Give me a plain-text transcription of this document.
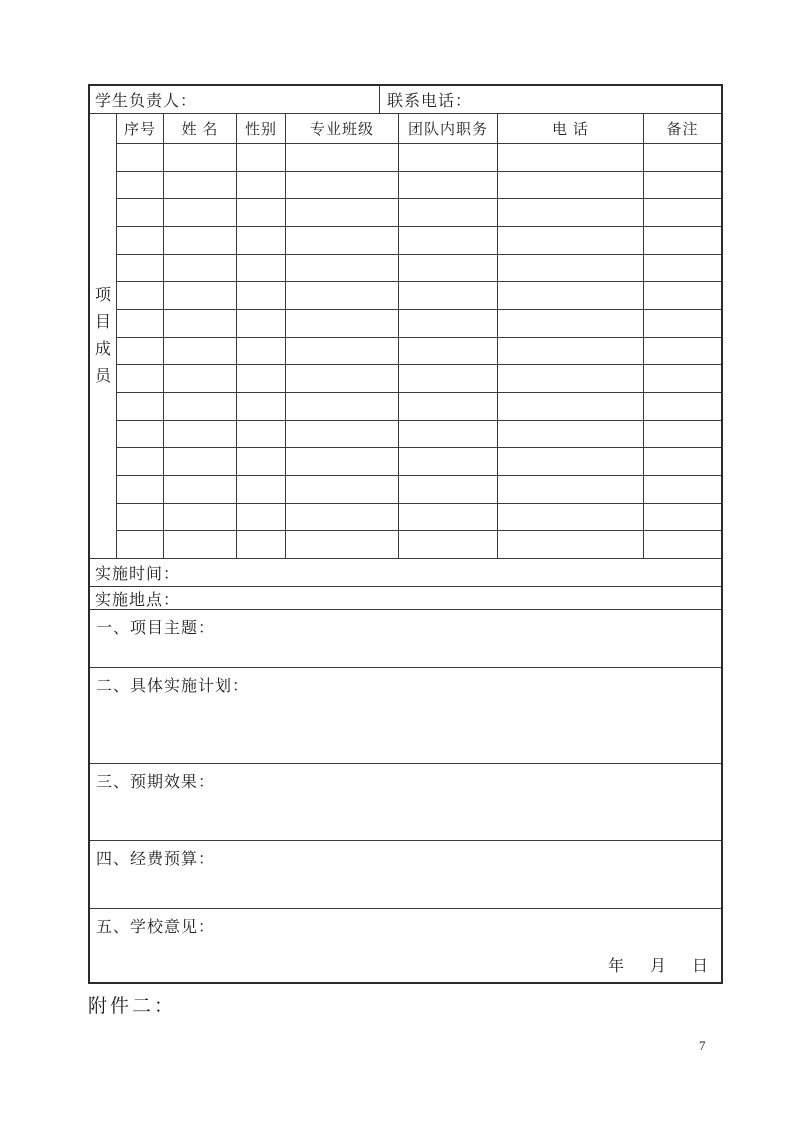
学生负责人：	联系电话：
项
目
成
员
序号	姓 名	性别	专业班级	团队内职务	电 话	备注
实施时间：
实施地点：
一、项目主题：
二、具体实施计划：
三、预期效果：
四、经费预算：
五、学校意见：
年     月     日
附件二：
7
